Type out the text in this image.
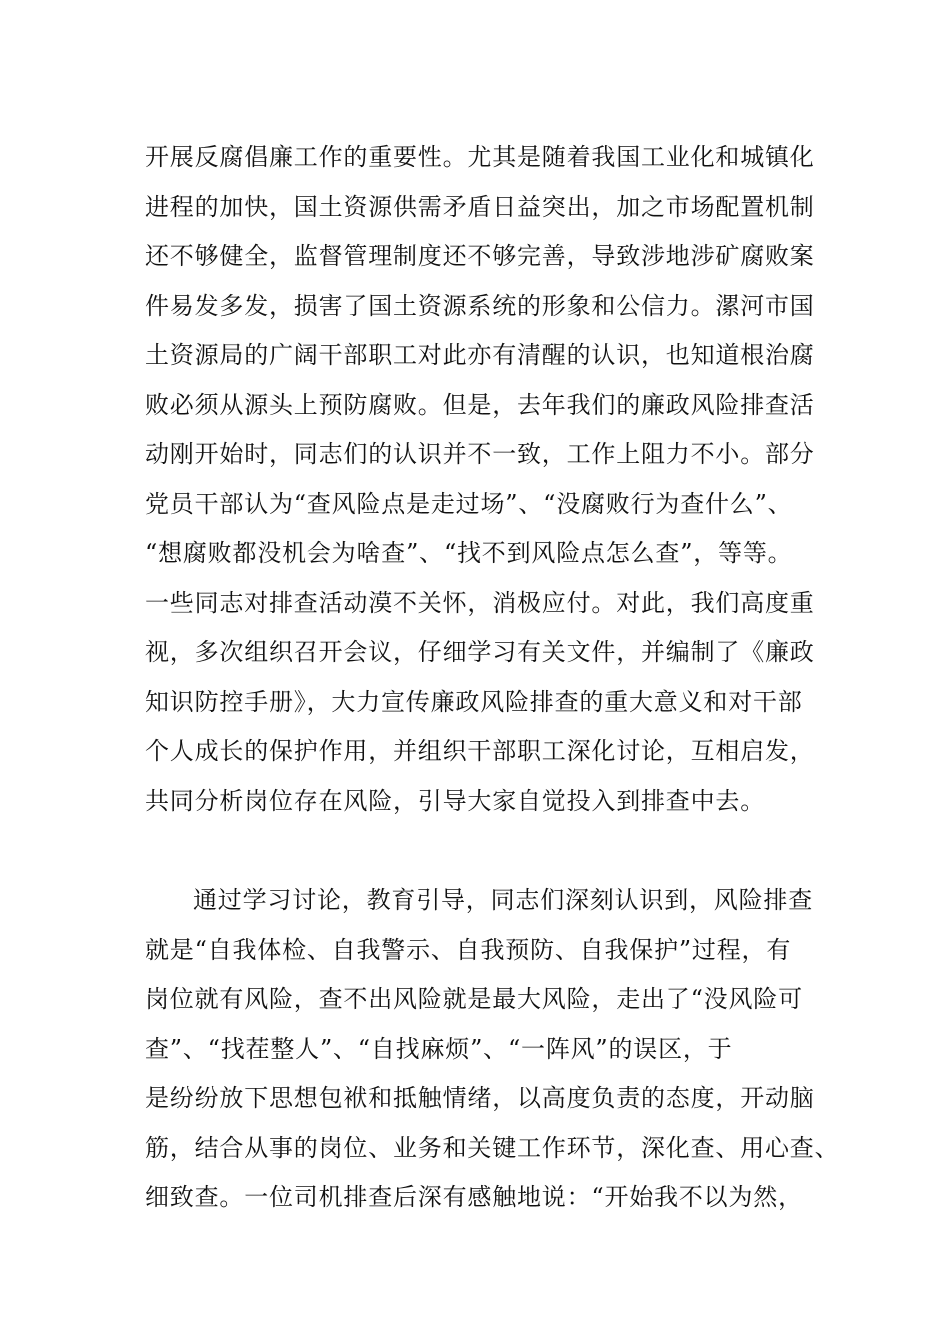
开展反腐倡廉工作的重要性。尤其是随着我国工业化和城镇化
进程的加快，国土资源供需矛盾日益突出，加之市场配置机制
还不够健全，监督管理制度还不够完善，导致涉地涉矿腐败案
件易发多发，损害了国土资源系统的形象和公信力。漯河市国
土资源局的广阔干部职工对此亦有清醒的认识，也知道根治腐
败必须从源头上预防腐败。但是，去年我们的廉政风险排查活
动刚开始时，同志们的认识并不一致，工作上阻力不小。部分
党员干部认为“查风险点是走过场”、“没腐败行为查什么”、
“想腐败都没机会为啥查”、“找不到风险点怎么查”，等等。
一些同志对排查活动漠不关怀，消极应付。对此，我们高度重
视，多次组织召开会议，仔细学习有关文件，并编制了《廉政
知识防控手册》，大力宣传廉政风险排查的重大意义和对干部
个人成长的保护作用，并组织干部职工深化讨论，互相启发，
共同分析岗位存在风险，引导大家自觉投入到排查中去。
通过学习讨论，教育引导，同志们深刻认识到，风险排查
就是“自我体检、自我警示、自我预防、自我保护”过程，有
岗位就有风险，查不出风险就是最大风险，走出了“没风险可
查”、“找茬整人”、“自找麻烦”、“一阵风”的误区，于
是纷纷放下思想包袱和抵触情绪，以高度负责的态度，开动脑
筋，结合从事的岗位、业务和关键工作环节，深化查、用心查、
细致查。一位司机排查后深有感触地说：“开始我不以为然，
